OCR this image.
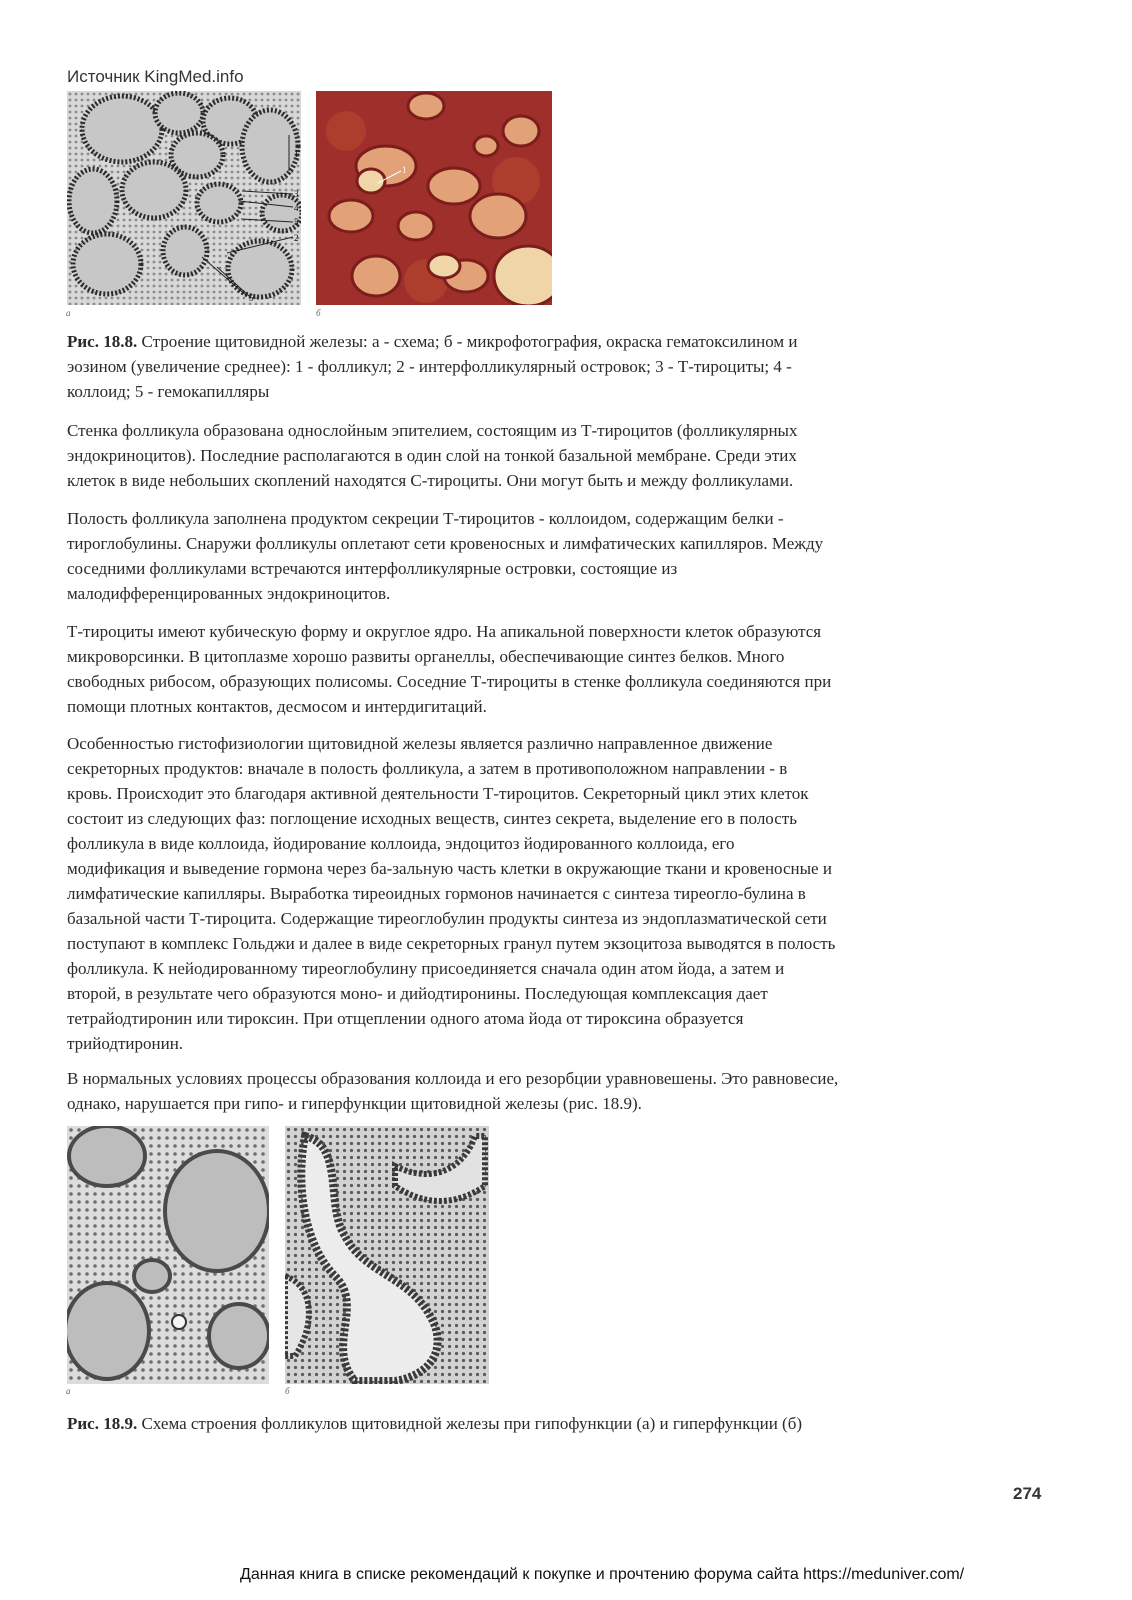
Источник KingMed.info
1
3
4
5
2
5
а
1
б
Рис. 18.8. Строение щитовидной железы: а - схема; б - микрофотография, окраска гематоксилином и
эозином (увеличение среднее): 1 - фолликул; 2 - интерфолликулярный островок; 3 - Т-тироциты; 4 -
коллоид; 5 - гемокапилляры
Стенка фолликула образована однослойным эпителием, состоящим из Т-тироцитов (фолликулярных
эндокриноцитов). Последние располагаются в один слой на тонкой базальной мембране. Среди этих
клеток в виде небольших скоплений находятся С-тироциты. Они могут быть и между фолликулами.
Полость фолликула заполнена продуктом секреции Т-тироцитов - коллоидом, содержащим белки -
тироглобулины. Снаружи фолликулы оплетают сети кровеносных и лимфатических капилляров. Между
соседними фолликулами встречаются интерфолликулярные островки, состоящие из
малодифференцированных эндокриноцитов.
Т-тироциты имеют кубическую форму и округлое ядро. На апикальной поверхности клеток образуются
микроворсинки. В цитоплазме хорошо развиты органеллы, обеспечивающие синтез белков. Много
свободных рибосом, образующих полисомы. Соседние Т-тироциты в стенке фолликула соединяются при
помощи плотных контактов, десмосом и интердигитаций.
Особенностью гистофизиологии щитовидной железы является различно направленное движение
секреторных продуктов: вначале в полость фолликула, а затем в противоположном направлении - в
кровь. Происходит это благодаря активной деятельности Т-тироцитов. Секреторный цикл этих клеток
состоит из следующих фаз: поглощение исходных веществ, синтез секрета, выделение его в полость
фолликула в виде коллоида, йодирование коллоида, эндоцитоз йодированного коллоида, его
модификация и выведение гормона через ба-зальную часть клетки в окружающие ткани и кровеносные и
лимфатические капилляры. Выработка тиреоидных гормонов начинается с синтеза тиреогло-булина в
базальной части Т-тироцита. Содержащие тиреоглобулин продукты синтеза из эндоплазматической сети
поступают в комплекс Гольджи и далее в виде секреторных гранул путем экзоцитоза выводятся в полость
фолликула. К нейодированному тиреоглобулину присоединяется сначала один атом йода, а затем и
второй, в результате чего образуются моно- и дийодтиронины. Последующая комплексация дает
тетрайодтиронин или тироксин. При отщеплении одного атома йода от тироксина образуется
трийодтиронин.
В нормальных условиях процессы образования коллоида и его резорбции уравновешены. Это равновесие,
однако, нарушается при гипо- и гиперфункции щитовидной железы (рис. 18.9).
а	б
Рис. 18.9. Схема строения фолликулов щитовидной железы при гипофункции (а) и гиперфункции (б)
274
Данная книга в списке рекомендаций к покупке и прочтению форума сайта https://meduniver.com/
